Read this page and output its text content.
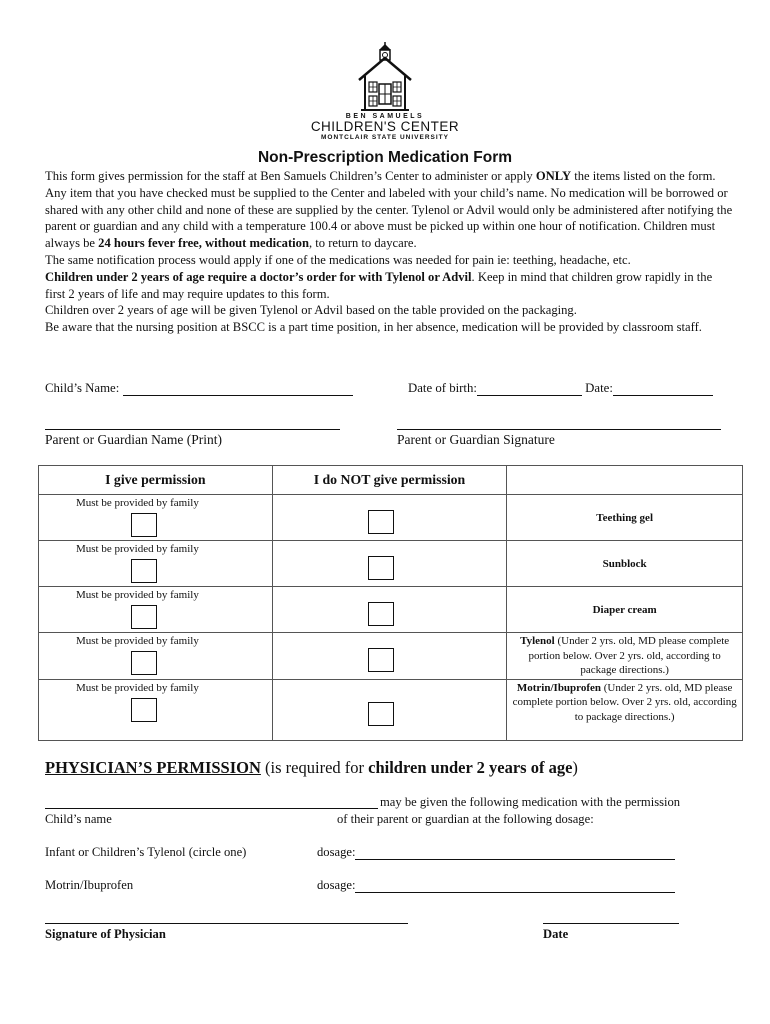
BEN SAMUELS
CHILDREN'S CENTER
MONTCLAIR STATE UNIVERSITY
Non-Prescription Medication Form

This form gives permission for the staff at Ben Samuels Children’s Center to administer or apply ONLY the items listed on the form. Any item that you have checked must be supplied to the Center and labeled with your child’s name. No medication will be borrowed or shared with any other child and none of these are supplied by the center. Tylenol or Advil would only be administered after notifying the parent or guardian and any child with a temperature 100.4 or above must be picked up within one hour of notification. Children must always be 24 hours fever free, without medication, to return to daycare.

The same notification process would apply if one of the medications was needed for pain ie: teething, headache, etc.

Children under 2 years of age require a doctor’s order for with Tylenol or Advil. Keep in mind that children grow rapidly in the first 2 years of life and may require updates to this form.

Children over 2 years of age will be given Tylenol or Advil based on the table provided on the packaging.

Be aware that the nursing position at BSCC is a part time position, in her absence, medication will be provided by classroom staff.

Child’s Name:	Date of birth:	Date:
Parent or Guardian Name (Print)	Parent or Guardian Signature
I give permission	I do NOT give permission	

Must be provided by family		Teething gel

Must be provided by family		Sunblock

Must be provided by family		Diaper cream

Must be provided by family		Tylenol (Under 2 yrs. old, MD please complete portion below. Over 2 yrs. old, according to package directions.)

Must be provided by family		Motrin/Ibuprofen (Under 2 yrs. old, MD please complete portion below. Over 2 yrs. old, according to package directions.)
PHYSICIAN’S PERMISSION (is required for children under 2 years of age)
may be given the following medication with the permission
Child’s name	of their parent or guardian at the following dosage:
Infant or Children’s Tylenol (circle one)	dosage:
Motrin/Ibuprofen	dosage:
Signature of Physician	Date
